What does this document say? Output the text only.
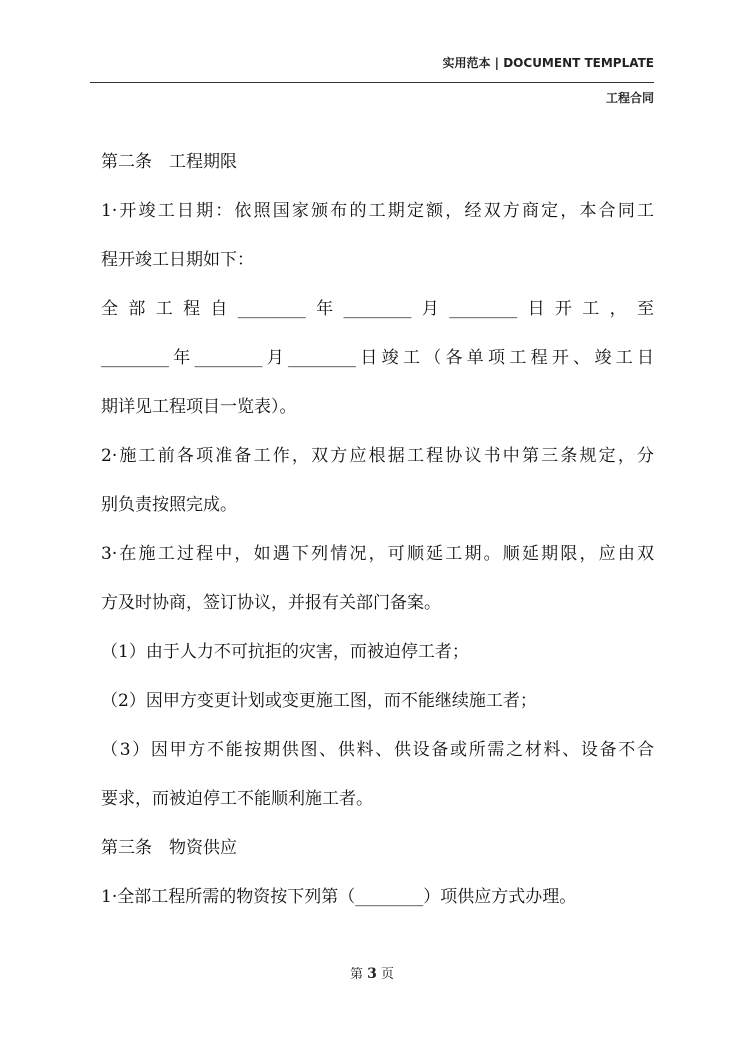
实用范本 | DOCUMENT TEMPLATE
工程合同

第二条　工程期限

1·开竣工日期：依照国家颁布的工期定额，经双方商定，本合同工

程开竣工日期如下：

全部工程自________年________月________日开工，至

________年________月________日竣工（各单项工程开、竣工日

期详见工程项目一览表）。

2·施工前各项准备工作，双方应根据工程协议书中第三条规定，分

别负责按照完成。

3·在施工过程中，如遇下列情况，可顺延工期。顺延期限，应由双

方及时协商，签订协议，并报有关部门备案。

（1）由于人力不可抗拒的灾害，而被迫停工者；

（2）因甲方变更计划或变更施工图，而不能继续施工者；

（3）因甲方不能按期供图、供料、供设备或所需之材料、设备不合

要求，而被迫停工不能顺利施工者。

第三条　物资供应

1·全部工程所需的物资按下列第（________）项供应方式办理。

第 3 页
